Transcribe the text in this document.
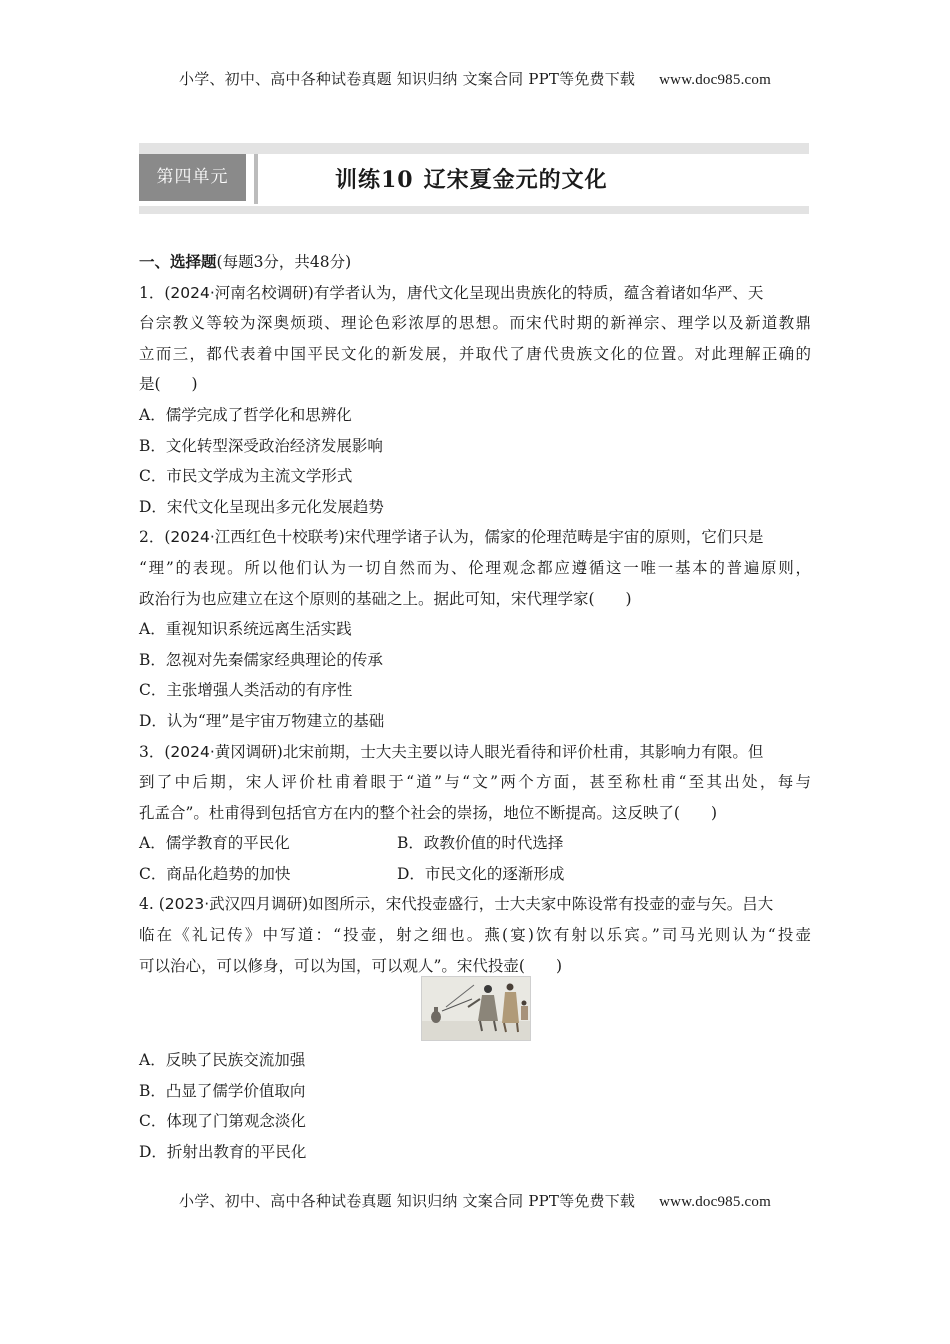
小学、初中、高中各种试卷真题 知识归纳 文案合同 PPT等免费下载 www.doc985.com
第四单元	训练10 辽宋夏金元的文化
一、选择题(每题3分，共48分)
1．(2024·河南名校调研)有学者认为，唐代文化呈现出贵族化的特质，蕴含着诸如华严、天
台宗教义等较为深奥烦琐、理论色彩浓厚的思想。而宋代时期的新禅宗、理学以及新道教鼎
立而三，都代表着中国平民文化的新发展，并取代了唐代贵族文化的位置。对此理解正确的
是(　　)
A．儒学完成了哲学化和思辨化
B．文化转型深受政治经济发展影响
C．市民文学成为主流文学形式
D．宋代文化呈现出多元化发展趋势
2．(2024·江西红色十校联考)宋代理学诸子认为，儒家的伦理范畴是宇宙的原则，它们只是
“理”的表现。所以他们认为一切自然而为、伦理观念都应遵循这一唯一基本的普遍原则，
政治行为也应建立在这个原则的基础之上。据此可知，宋代理学家(　　)
A．重视知识系统远离生活实践
B．忽视对先秦儒家经典理论的传承
C．主张增强人类活动的有序性
D．认为“理”是宇宙万物建立的基础
3．(2024·黄冈调研)北宋前期，士大夫主要以诗人眼光看待和评价杜甫，其影响力有限。但
到了中后期，宋人评价杜甫着眼于“道”与“文”两个方面，甚至称杜甫“至其出处，每与
孔孟合”。杜甫得到包括官方在内的整个社会的崇扬，地位不断提高。这反映了(　　)
A．儒学教育的平民化	B．政教价值的时代选择
C．商品化趋势的加快	D．市民文化的逐渐形成
4. (2023·武汉四月调研)如图所示，宋代投壶盛行，士大夫家中陈设常有投壶的壶与矢。吕大
临在《礼记传》中写道：“投壶，射之细也。燕(宴)饮有射以乐宾。”司马光则认为“投壶
可以治心，可以修身，可以为国，可以观人”。宋代投壶(　　)
A．反映了民族交流加强
B．凸显了儒学价值取向
C．体现了门第观念淡化
D．折射出教育的平民化
小学、初中、高中各种试卷真题 知识归纳 文案合同 PPT等免费下载 www.doc985.com
